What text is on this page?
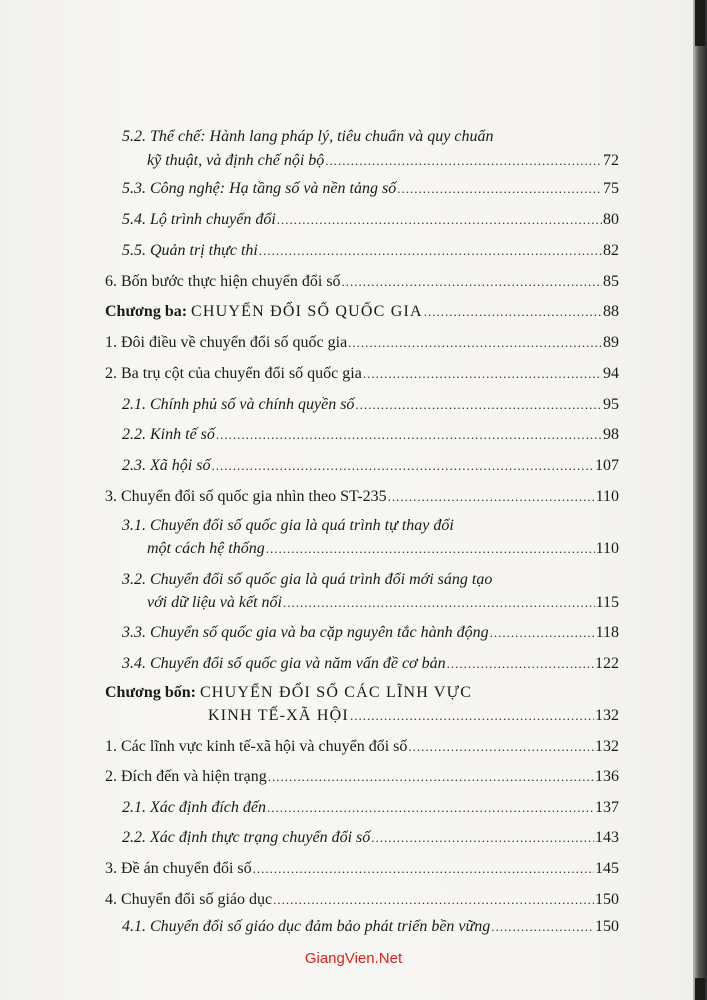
5.2. Thể chế: Hành lang pháp lý, tiêu chuẩn và quy chuẩn
kỹ thuật, và định chế nội bộ .....	72
5.3. Công nghệ: Hạ tầng số và nền tảng số .....	75
5.4. Lộ trình chuyển đổi .....	80
5.5. Quản trị thực thi .....	82
6. Bốn bước thực hiện chuyển đổi số .....	85
Chương ba: CHUYỂN ĐỔI SỐ QUỐC GIA .....	88
1. Đôi điều về chuyển đổi số quốc gia .....	89
2. Ba trụ cột của chuyển đổi số quốc gia .....	94
2.1. Chính phủ số và chính quyền số .....	95
2.2. Kinh tế số .....	98
2.3. Xã hội số .....	107
3. Chuyển đổi số quốc gia nhìn theo ST-235 .....	110
3.1. Chuyển đổi số quốc gia là quá trình tự thay đổi
một cách hệ thống .....	110
3.2. Chuyển đổi số quốc gia là quá trình đổi mới sáng tạo
với dữ liệu và kết nối .....	115
3.3. Chuyển số quốc gia và ba cặp nguyên tắc hành động .....	118
3.4. Chuyển đổi số quốc gia và năm vấn đề cơ bản .....	122
Chương bốn: CHUYỂN ĐỔI SỐ CÁC LĨNH VỰC
KINH TẾ-XÃ HỘI .....	132
1. Các lĩnh vực kinh tế-xã hội và chuyển đổi số .....	132
2. Đích đến và hiện trạng .....	136
2.1. Xác định đích đến .....	137
2.2. Xác định thực trạng chuyển đổi số .....	143
3. Đề án chuyển đổi số .....	145
4. Chuyển đổi số giáo dục .....	150
4.1. Chuyển đổi số giáo dục đảm bảo phát triển bền vững .....	150
GiangVien.Net
